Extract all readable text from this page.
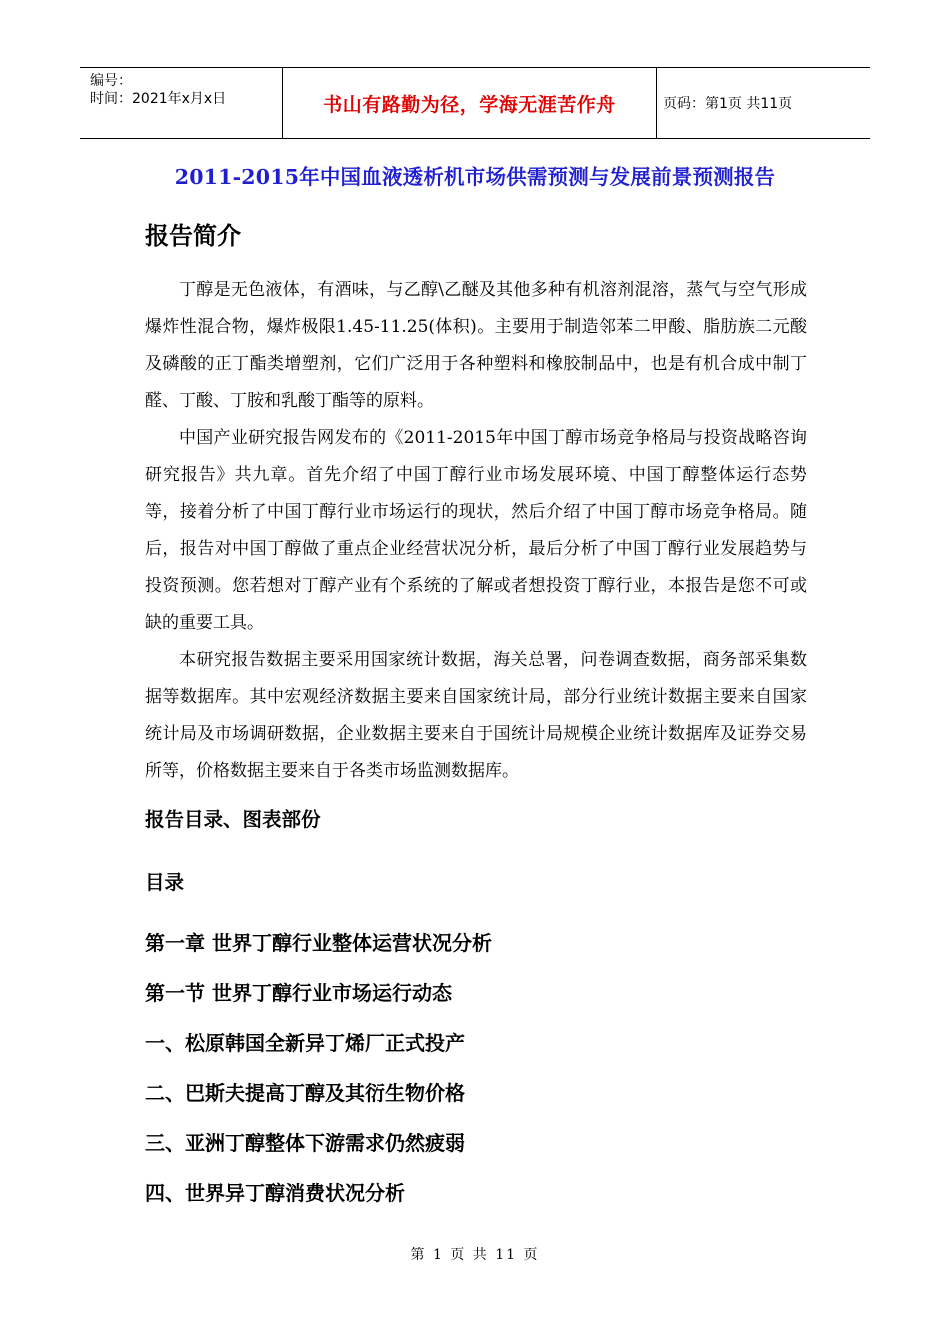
编号：
时间：2021年x月x日	书山有路勤为径，学海无涯苦作舟	页码：第1页 共11页
2011-2015年中国血液透析机市场供需预测与发展前景预测报告
报告简介

丁醇是无色液体，有酒味，与乙醇\乙醚及其他多种有机溶剂混溶，蒸气与空气形成爆炸性混合物，爆炸极限1.45-11.25(体积)。主要用于制造邻苯二甲酸、脂肪族二元酸及磷酸的正丁酯类增塑剂，它们广泛用于各种塑料和橡胶制品中，也是有机合成中制丁醛、丁酸、丁胺和乳酸丁酯等的原料。

中国产业研究报告网发布的《2011-2015年中国丁醇市场竞争格局与投资战略咨询研究报告》共九章。首先介绍了中国丁醇行业市场发展环境、中国丁醇整体运行态势等，接着分析了中国丁醇行业市场运行的现状，然后介绍了中国丁醇市场竞争格局。随后，报告对中国丁醇做了重点企业经营状况分析，最后分析了中国丁醇行业发展趋势与投资预测。您若想对丁醇产业有个系统的了解或者想投资丁醇行业，本报告是您不可或缺的重要工具。

本研究报告数据主要采用国家统计数据，海关总署，问卷调查数据，商务部采集数据等数据库。其中宏观经济数据主要来自国家统计局，部分行业统计数据主要来自国家统计局及市场调研数据，企业数据主要来自于国统计局规模企业统计数据库及证券交易所等，价格数据主要来自于各类市场监测数据库。

报告目录、图表部份
目录
第一章 世界丁醇行业整体运营状况分析
第一节 世界丁醇行业市场运行动态
一、松原韩国全新异丁烯厂正式投产
二、巴斯夫提高丁醇及其衍生物价格
三、亚洲丁醇整体下游需求仍然疲弱
四、世界异丁醇消费状况分析
第 1 页 共 11 页
